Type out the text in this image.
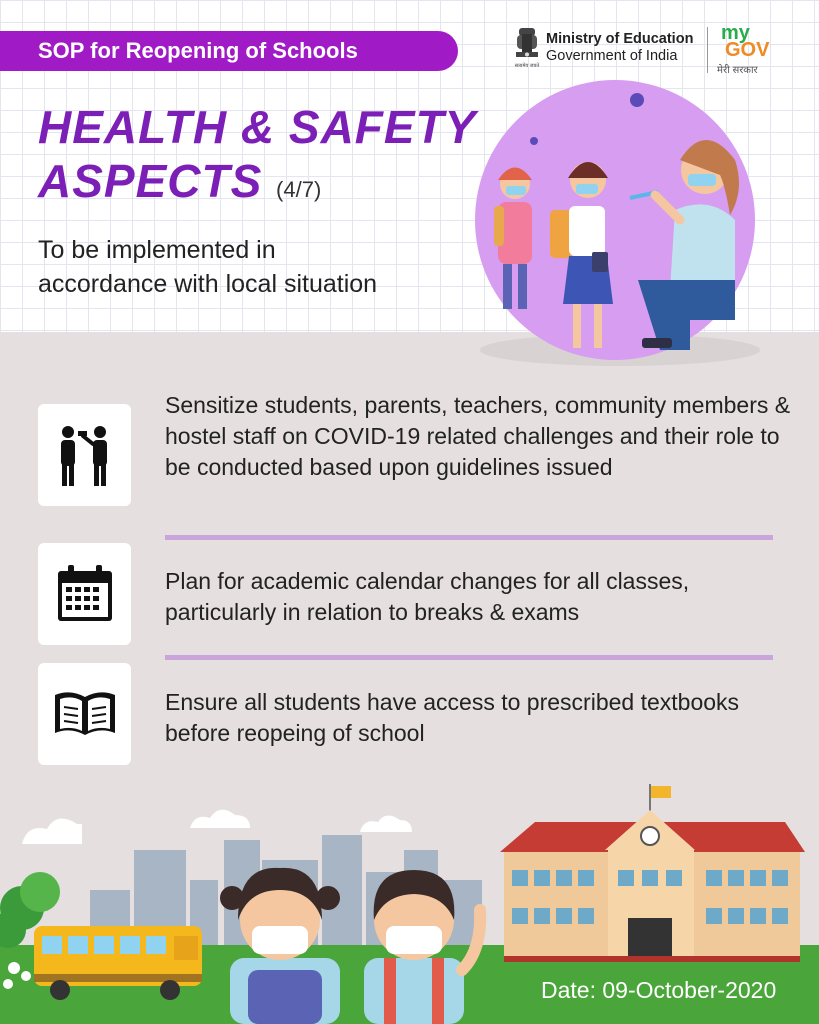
SOP for Reopening of Schools
सत्यमेव जयते
Ministry of Education
Government of India
my
GOV
मेरी सरकार
HEALTH & SAFETY
ASPECTS (4/7)
To be implemented in
accordance with local situation
Sensitize students, parents, teachers, community members & hostel staff on COVID-19 related challenges and their role to be conducted based upon guidelines issued
Plan for academic calendar changes for all classes, particularly in relation to breaks & exams
Ensure all students have access to prescribed textbooks before reopeing of school
Date: 09-October-2020
